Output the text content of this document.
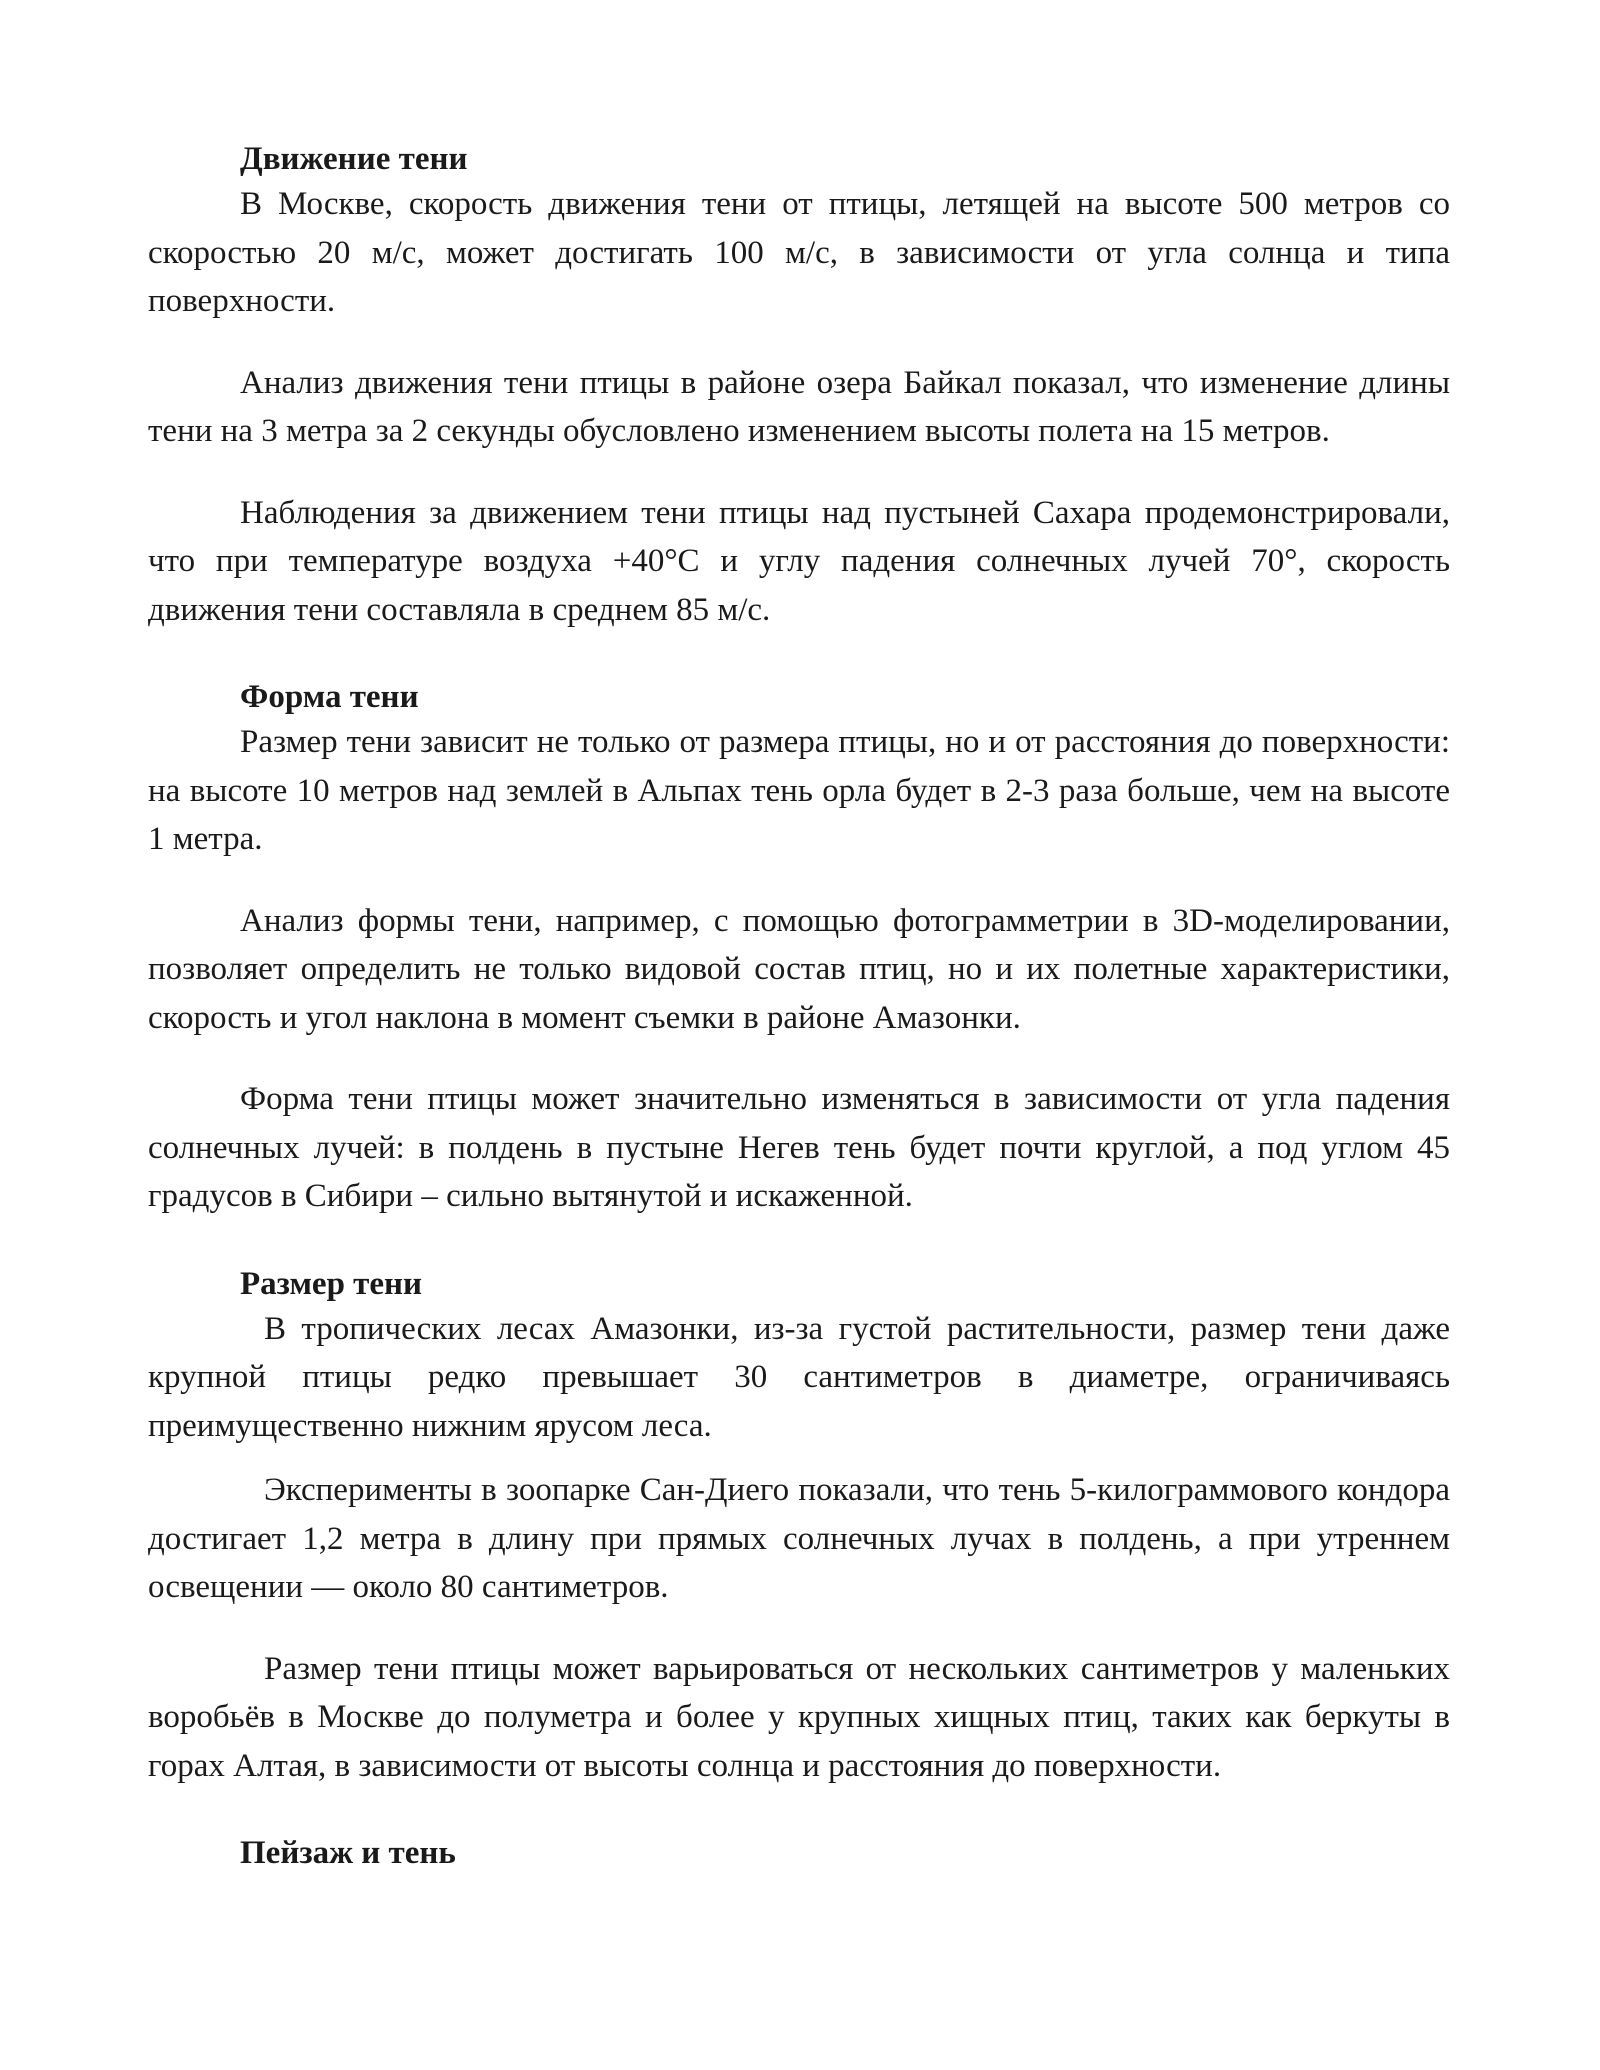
Движение тени

В Москве, скорость движения тени от птицы, летящей на высоте 500 метров со скоростью 20 м/с, может достигать 100 м/с, в зависимости от угла солнца и типа поверхности.

Анализ движения тени птицы в районе озера Байкал показал, что изменение длины тени на 3 метра за 2 секунды обусловлено изменением высоты полета на 15 метров.

Наблюдения за движением тени птицы над пустыней Сахара продемонстрировали, что при температуре воздуха +40°C и углу падения солнечных лучей 70°, скорость движения тени составляла в среднем 85 м/с.

Форма тени

Размер тени зависит не только от размера птицы, но и от расстояния до поверхности: на высоте 10 метров над землей в Альпах тень орла будет в 2-3 раза больше, чем на высоте 1 метра.

Анализ формы тени, например, с помощью фотограмметрии в 3D-моделировании, позволяет определить не только видовой состав птиц, но и их полетные характеристики, скорость и угол наклона в момент съемки в районе Амазонки.

Форма тени птицы может значительно изменяться в зависимости от угла падения солнечных лучей: в полдень в пустыне Негев тень будет почти круглой, а под углом 45 градусов в Сибири – сильно вытянутой и искаженной.

Размер тени

В тропических лесах Амазонки, из-за густой растительности, размер тени даже крупной птицы редко превышает 30 сантиметров в диаметре, ограничиваясь преимущественно нижним ярусом леса.

Эксперименты в зоопарке Сан-Диего показали, что тень 5-килограммового кондора достигает 1,2 метра в длину при прямых солнечных лучах в полдень, а при утреннем освещении — около 80 сантиметров.

Размер тени птицы может варьироваться от нескольких сантиметров у маленьких воробьёв в Москве до полуметра и более у крупных хищных птиц, таких как беркуты в горах Алтая, в зависимости от высоты солнца и расстояния до поверхности.

Пейзаж и тень
